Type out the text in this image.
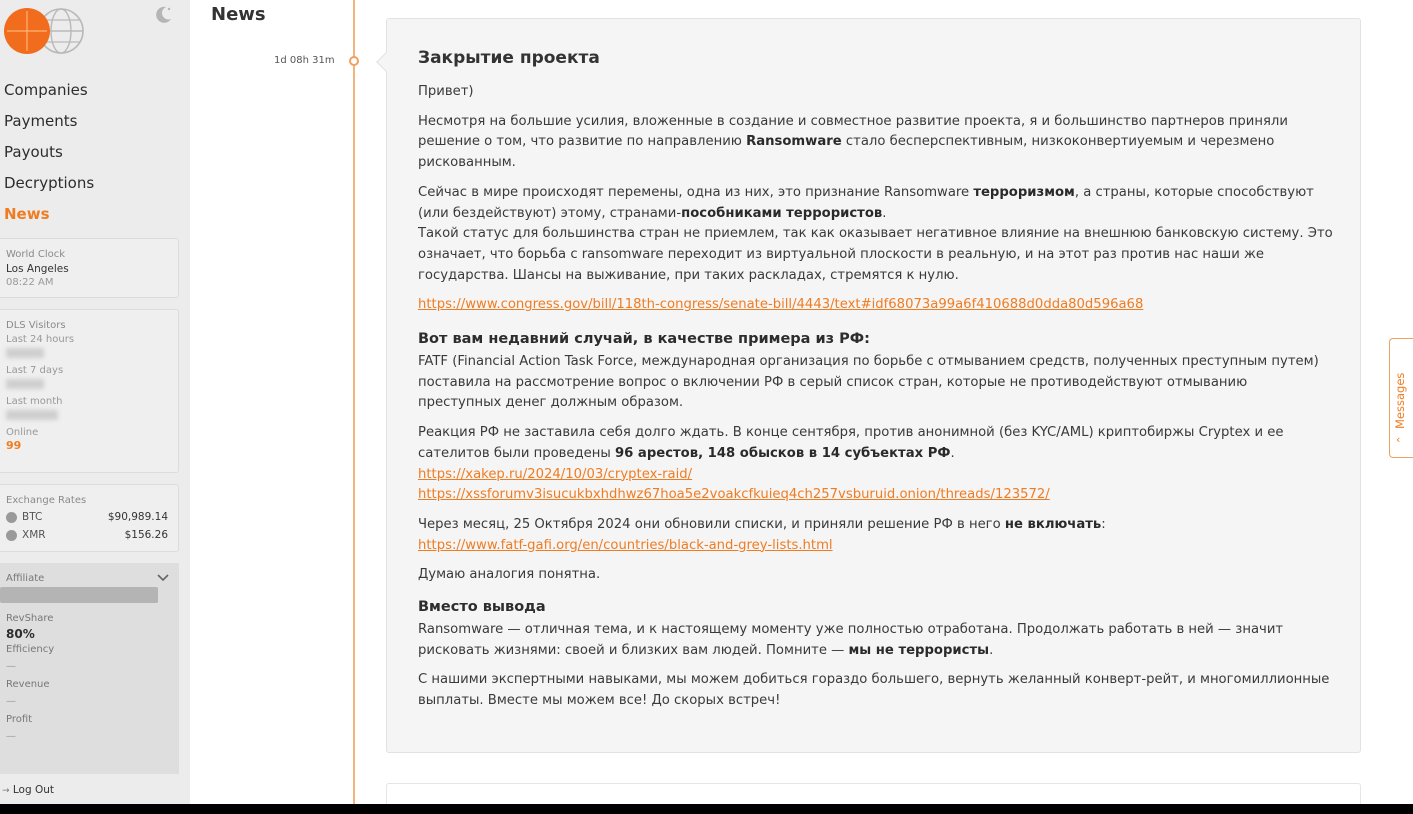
Companies
Payments
Payouts
Decryptions
News
World Clock
Los Angeles
08:22 AM
DLS Visitors
Last 24 hours
Last 7 days
Last month
Online
99
Exchange Rates
BTC	$90,989.14
XMR	$156.26
Affiliate
RevShare
80%
Efficiency
—
Revenue
—
Profit
—
→ Log Out
News
1d 08h 31m	Закрытие проекта

Привет)

Несмотря на большие усилия, вложенные в создание и совместное развитие проекта, я и большинство партнеров приняли решение о том, что развитие по направлению Ransomware стало бесперспективным, низкоконвертиуемым и черезмено рискованным.

Сейчас в мире происходят перемены, одна из них, это признание Ransomware терроризмом, а страны, которые способствуют (или бездействуют) этому, странами-пособниками террористов.

Такой статус для большинства стран не приемлем, так как оказывает негативное влияние на внешнюю банковскую систему. Это означает, что борьба с ransomware переходит из виртуальной плоскости в реальную, и на этот раз против нас наши же государства. Шансы на выживание, при таких раскладах, стремятся к нулю.

https://www.congress.gov/bill/118th-congress/senate-bill/4443/text#idf68073a99a6f410688d0dda80d596a68
Вот вам недавний случай, в качестве примера из РФ:

FATF (Financial Action Task Force, международная организация по борьбе с отмыванием средств, полученных преступным путем) поставила на рассмотрение вопрос о включении РФ в серый список стран, которые не противодействуют отмыванию преступных денег должным образом.

Реакция РФ не заставила себя долго ждать. В конце сентября, против анонимной (без KYC/AML) криптобиржы Cryptex и ее сателитов были проведены 96 арестов, 148 обысков в 14 субъектах РФ.

https://xakep.ru/2024/10/03/cryptex-raid/
https://xssforumv3isucukbxhdhwz67hoa5e2voakcfkuieq4ch257vsburuid.onion/threads/123572/

Через месяц, 25 Октября 2024 они обновили списки, и приняли решение РФ в него не включать:

https://www.fatf-gafi.org/en/countries/black-and-grey-lists.html

Думаю аналогия понятна.

Вместо вывода

Ransomware — отличная тема, и к настоящему моменту уже полностью отработана. Продолжать работать в ней — значит рисковать жизнями: своей и близких вам людей. Помните — мы не террористы.

С нашими экспертными навыками, мы можем добиться гораздо большего, вернуть желанный конверт-рейт, и многомиллионные выплаты. Вместе мы можем все! До скорых встреч!

Messages
‹
